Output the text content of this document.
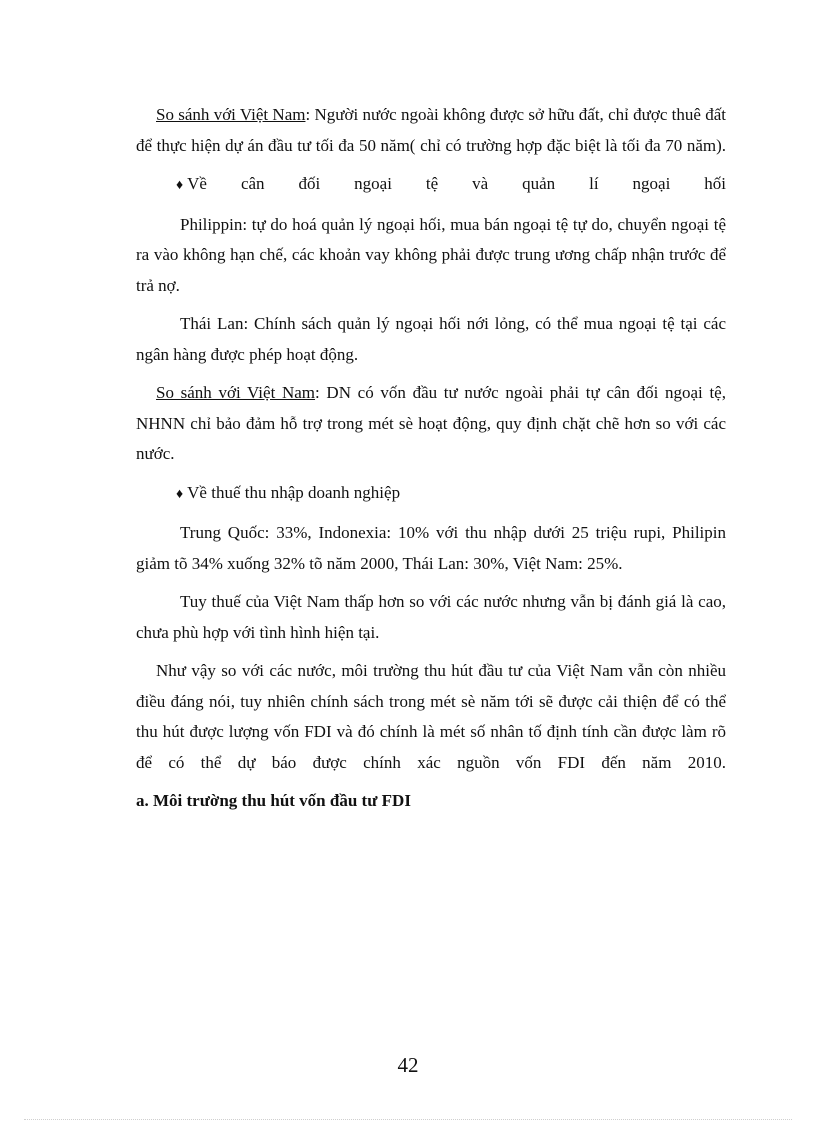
So sánh với Việt Nam: Người nước ngoài không được sở hữu đất, chỉ được thuê đất để thực hiện dự án đầu tư tối đa 50 năm( chỉ có trường hợp đặc biệt là tối đa 70 năm).

♦ Về cân đối ngoại tệ và quản lí ngoại hối

Philippin: tự do hoá quản lý ngoại hối, mua bán ngoại tệ tự do, chuyển ngoại tệ ra vào không hạn chế, các khoản vay không phải được trung ương chấp nhận trước để trả nợ.

Thái Lan: Chính sách quản lý ngoại hối nới lỏng, có thể mua ngoại tệ tại các ngân hàng được phép hoạt động.

So sánh với Việt Nam: DN có vốn đầu tư nước ngoài phải tự cân đối ngoại tệ, NHNN chỉ bảo đảm hỗ trợ trong mét sè hoạt động, quy định chặt chẽ hơn so với các nước.

♦ Về thuế thu nhập doanh nghiệp

Trung Quốc: 33%, Indonexia: 10% với thu nhập dưới 25 triệu rupi, Philipin giảm tõ 34% xuống 32% tõ năm 2000, Thái Lan: 30%, Việt Nam: 25%.

Tuy thuế của Việt Nam thấp hơn so với các nước nhưng vẫn bị đánh giá là cao, chưa phù hợp với tình hình hiện tại.

Như vậy so với các nước, môi trường thu hút đầu tư của Việt Nam vẫn còn nhiều điều đáng nói, tuy nhiên chính sách trong mét sè năm tới sẽ được cải thiện để có thể thu hút được lượng vốn FDI và đó chính là mét số nhân tố định tính cần được làm rõ để có thể dự báo được chính xác nguồn vốn FDI đến năm 2010.

a. Môi trường thu hút vốn đầu tư FDI

42
